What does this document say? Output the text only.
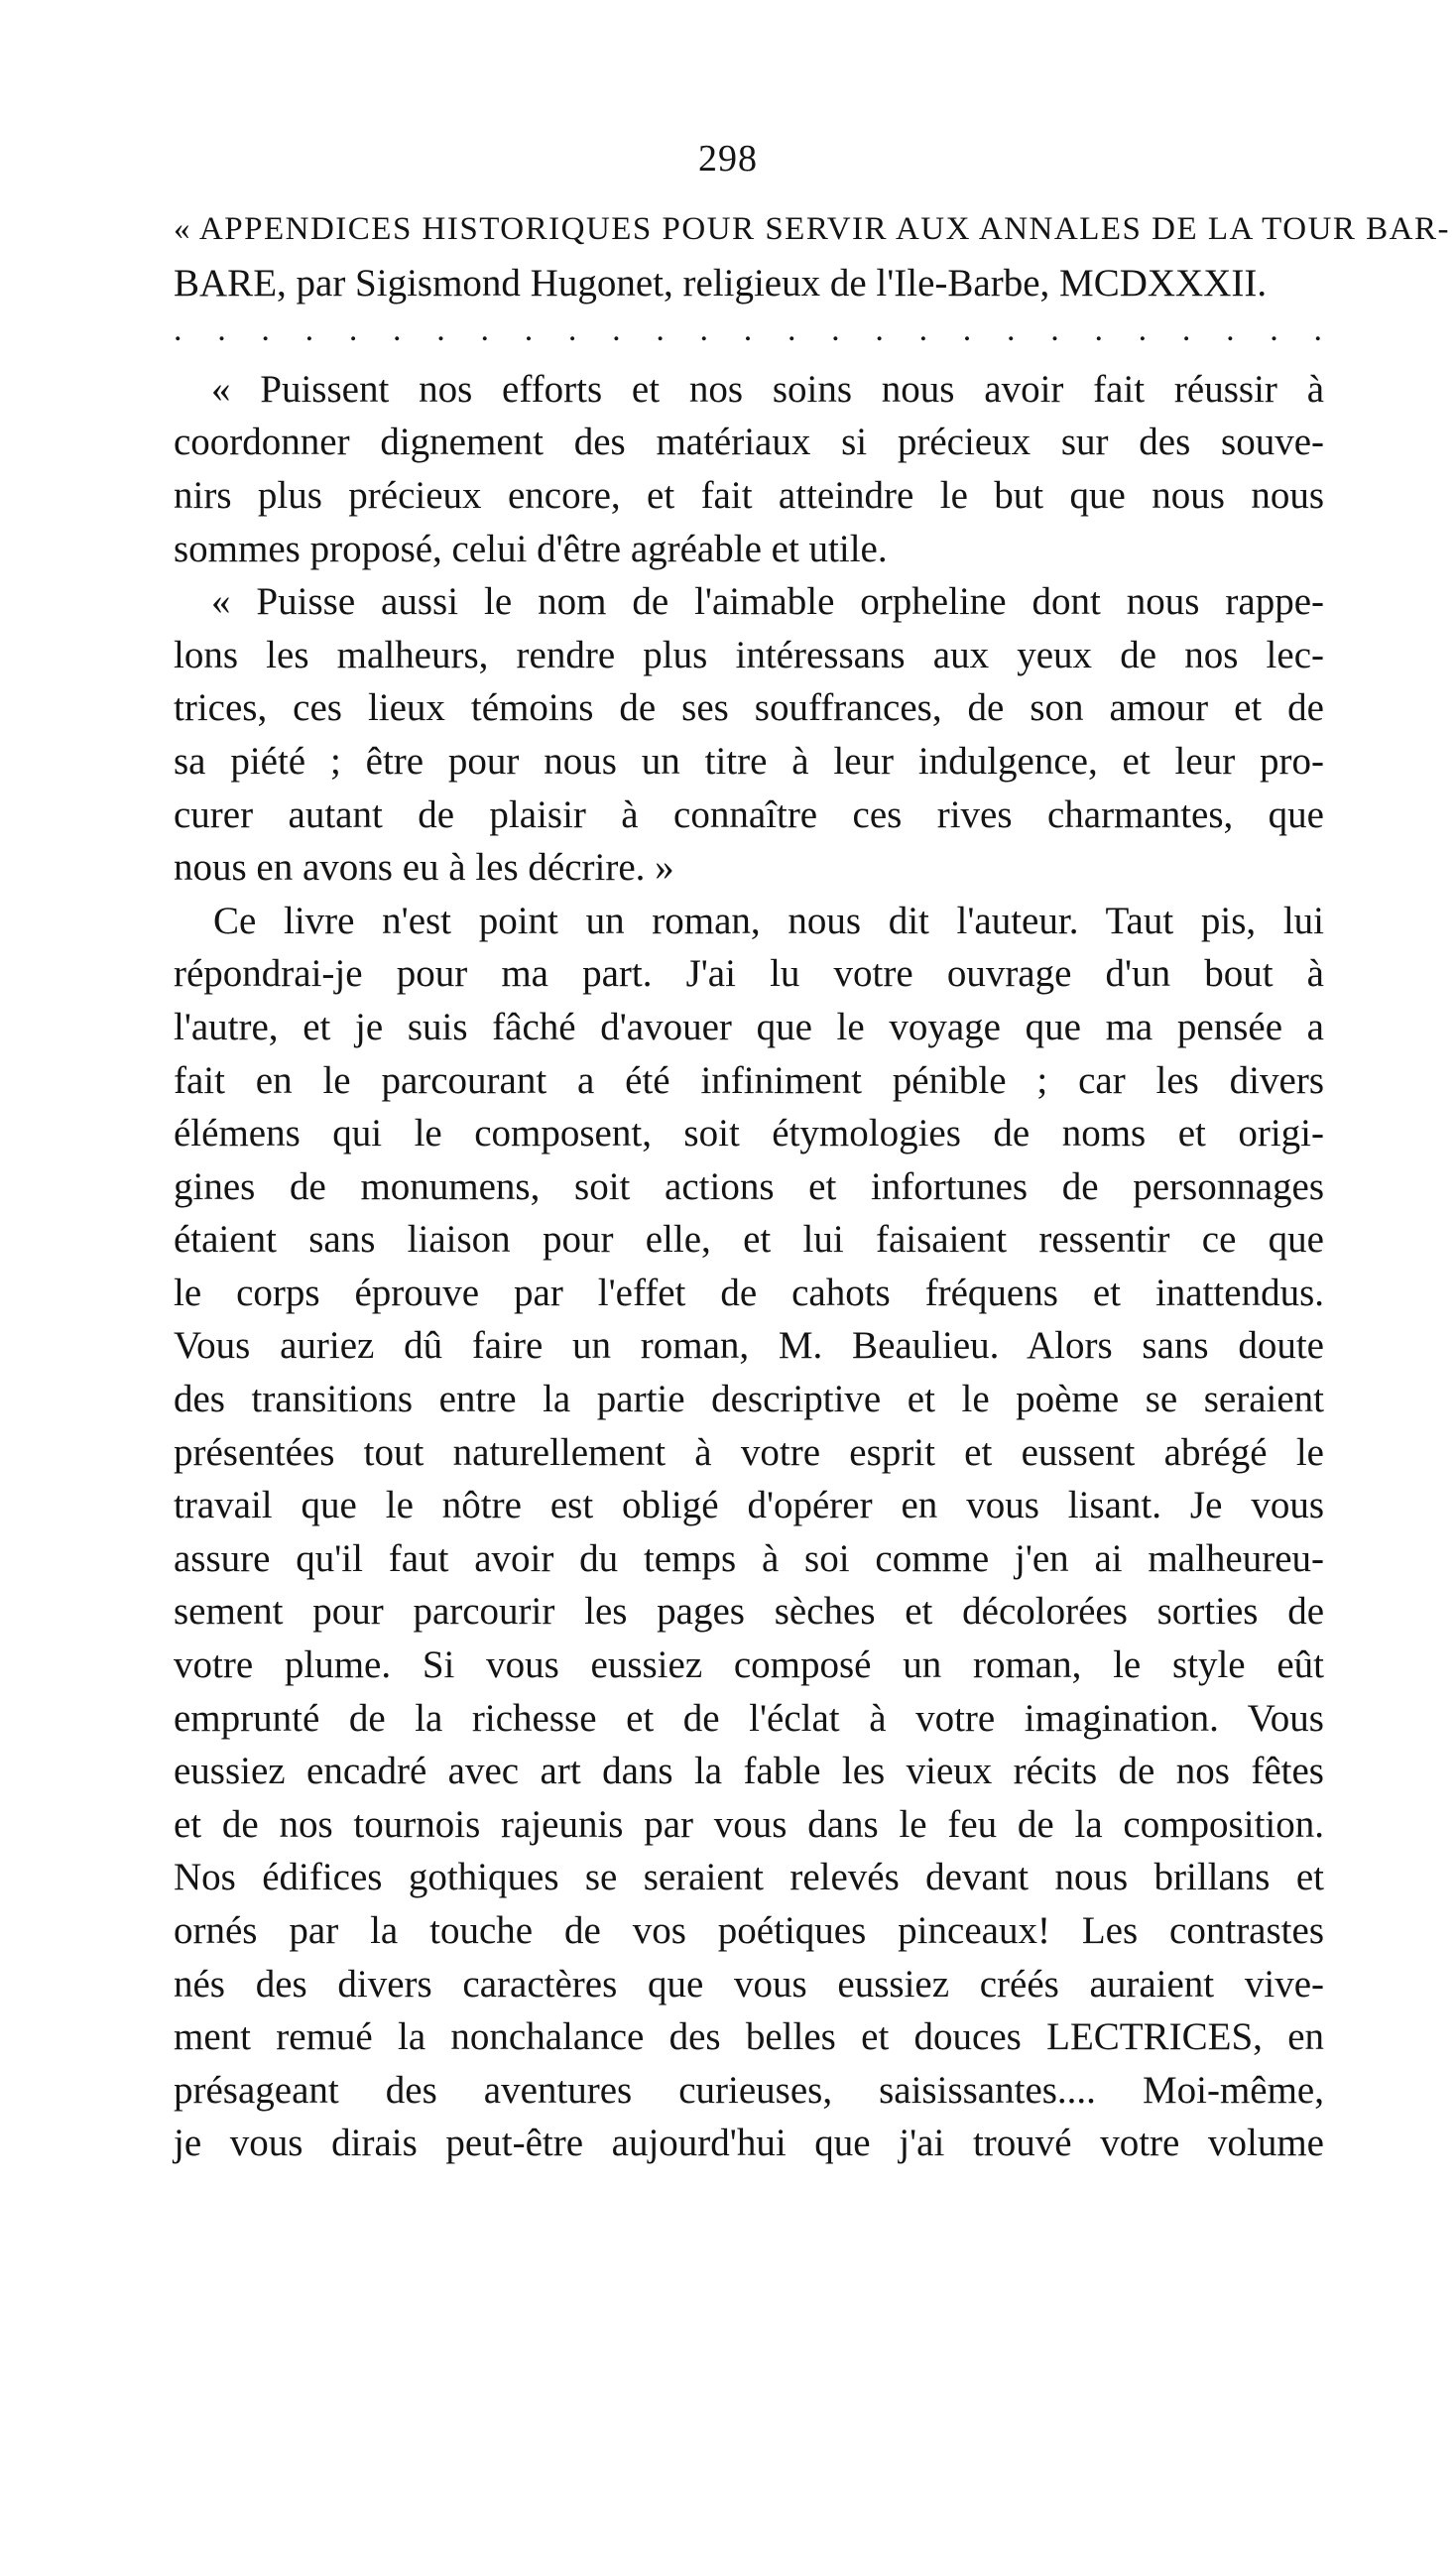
298
« APPENDICES HISTORIQUES POUR SERVIR AUX ANNALES DE LA TOUR BAR-
BARE, par Sigismond Hugonet, religieux de l'Ile-Barbe, MCDXXXII.
. . . . . . . . . . . . . . . . . . . . . . . . . . .
« Puissent nos efforts et nos soins nous avoir fait réussir à
coordonner dignement des matériaux si précieux sur des souve-
nirs plus précieux encore, et fait atteindre le but que nous nous
sommes proposé, celui d'être agréable et utile.
« Puisse aussi le nom de l'aimable orpheline dont nous rappe-
lons les malheurs, rendre plus intéressans aux yeux de nos lec-
trices, ces lieux témoins de ses souffrances, de son amour et de
sa piété ; être pour nous un titre à leur indulgence, et leur pro-
curer autant de plaisir à connaître ces rives charmantes, que
nous en avons eu à les décrire. »
Ce livre n'est point un roman, nous dit l'auteur. Taut pis, lui
répondrai-je pour ma part. J'ai lu votre ouvrage d'un bout à
l'autre, et je suis fâché d'avouer que le voyage que ma pensée a
fait en le parcourant a été infiniment pénible ; car les divers
élémens qui le composent, soit étymologies de noms et origi-
gines de monumens, soit actions et infortunes de personnages
étaient sans liaison pour elle, et lui faisaient ressentir ce que
le corps éprouve par l'effet de cahots fréquens et inattendus.
Vous auriez dû faire un roman, M. Beaulieu. Alors sans doute
des transitions entre la partie descriptive et le poème se seraient
présentées tout naturellement à votre esprit et eussent abrégé le
travail que le nôtre est obligé d'opérer en vous lisant. Je vous
assure qu'il faut avoir du temps à soi comme j'en ai malheureu-
sement pour parcourir les pages sèches et décolorées sorties de
votre plume. Si vous eussiez composé un roman, le style eût
emprunté de la richesse et de l'éclat à votre imagination. Vous
eussiez encadré avec art dans la fable les vieux récits de nos fêtes
et de nos tournois rajeunis par vous dans le feu de la composition.
Nos édifices gothiques se seraient relevés devant nous brillans et
ornés par la touche de vos poétiques pinceaux! Les contrastes
nés des divers caractères que vous eussiez créés auraient vive-
ment remué la nonchalance des belles et douces LECTRICES, en
présageant des aventures curieuses, saisissantes.... Moi-même,
je vous dirais peut-être aujourd'hui que j'ai trouvé votre volume
